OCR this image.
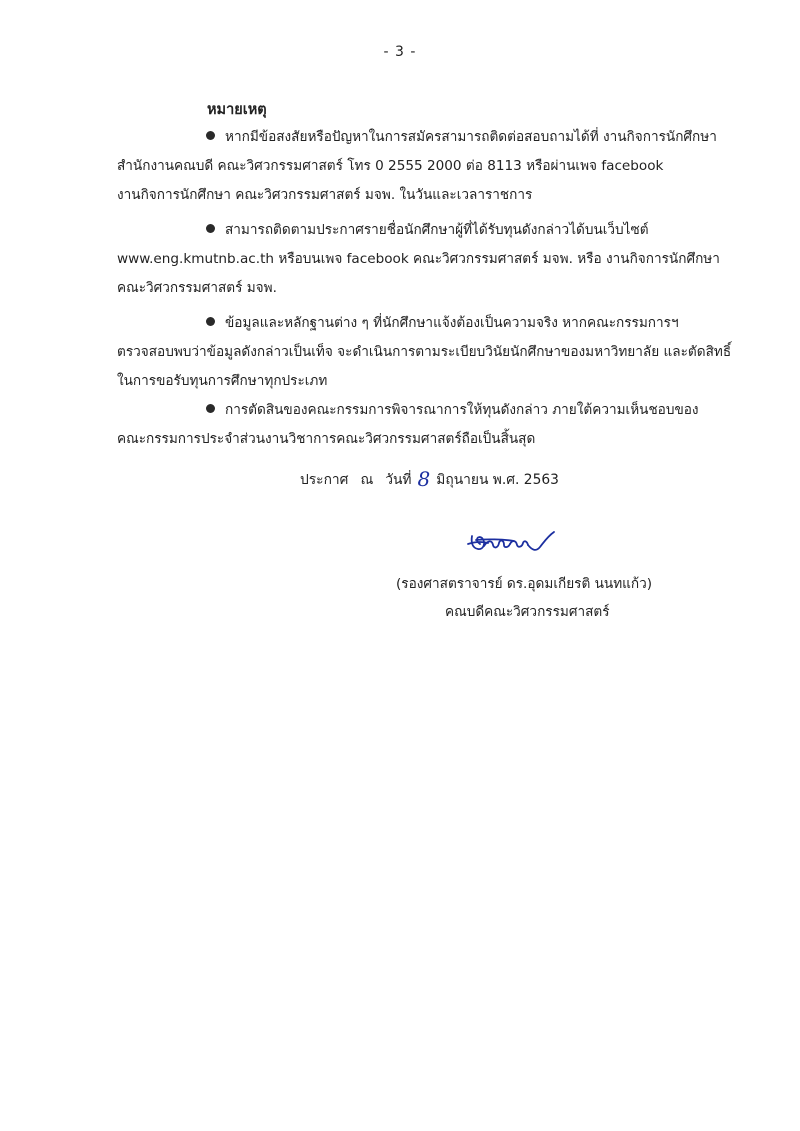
- 3 -
หมายเหตุ
หากมีข้อสงสัยหรือปัญหาในการสมัครสามารถติดต่อสอบถามได้ที่ งานกิจการนักศึกษา
สำนักงานคณบดี คณะวิศวกรรมศาสตร์ โทร 0 2555 2000 ต่อ 8113 หรือผ่านเพจ facebook
งานกิจการนักศึกษา คณะวิศวกรรมศาสตร์ มจพ. ในวันและเวลาราชการ
สามารถติดตามประกาศรายชื่อนักศึกษาผู้ที่ได้รับทุนดังกล่าวได้บนเว็บไซต์
www.eng.kmutnb.ac.th หรือบนเพจ facebook คณะวิศวกรรมศาสตร์ มจพ. หรือ งานกิจการนักศึกษา
คณะวิศวกรรมศาสตร์ มจพ.
ข้อมูลและหลักฐานต่าง ๆ ที่นักศึกษาแจ้งต้องเป็นความจริง หากคณะกรรมการฯ
ตรวจสอบพบว่าข้อมูลดังกล่าวเป็นเท็จ จะดำเนินการตามระเบียบวินัยนักศึกษาของมหาวิทยาลัย และตัดสิทธิ์
ในการขอรับทุนการศึกษาทุกประเภท
การตัดสินของคณะกรรมการพิจารณาการให้ทุนดังกล่าว ภายใต้ความเห็นชอบของ
คณะกรรมการประจำส่วนงานวิชาการคณะวิศวกรรมศาสตร์ถือเป็นสิ้นสุด
ประกาศ ณ วันที่ 8 มิถุนายน พ.ศ. 2563
(รองศาสตราจารย์ ดร.อุดมเกียรติ นนทแก้ว)
คณบดีคณะวิศวกรรมศาสตร์
